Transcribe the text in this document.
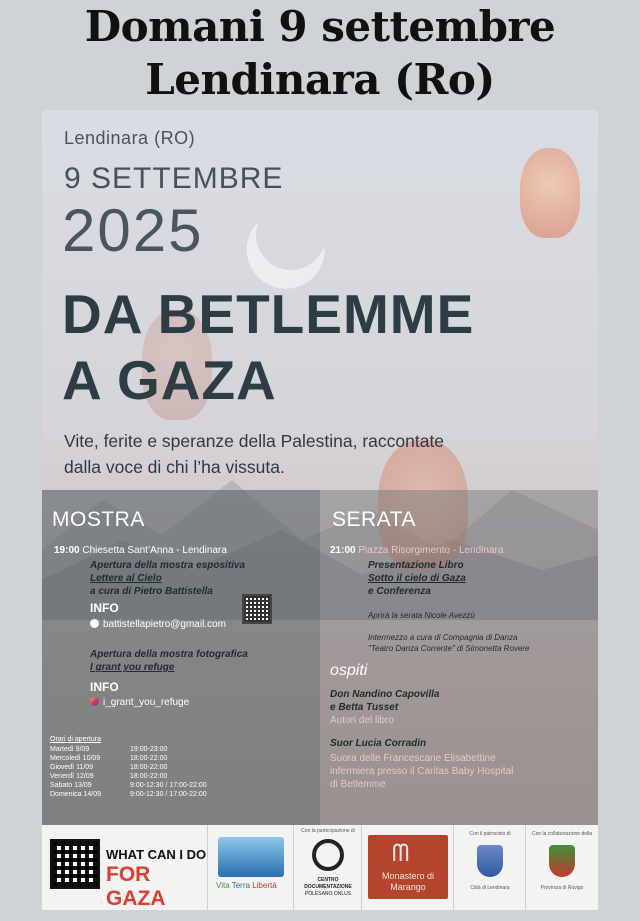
Domani 9 settembre
Lendinara (Ro)
Lendinara (RO)
9 SETTEMBRE
2025
DA BETLEMME
A GAZA
Vite, ferite e speranze della Palestina, raccontate
dalla voce di chi l’ha vissuta.
MOSTRA
19:00 Chiesetta Sant’Anna - Lendinara
Apertura della mostra espositiva
Lettere al Cielo
a cura di Pietro Battistella
INFO
battistellapietro@gmail.com
Apertura della mostra fotografica
I grant you refuge
INFO
i_grant_you_refuge
Orari di apertura
Martedì 9/09	19:00-23:00
Mercoledì 10/09	18:00-22:00
Giovedì 11/09	18:00-22:00
Venerdì 12/09	18:00-22:00
Sabato 13/09	9:00-12:30 / 17:00-22:00
Domenica 14/09	9:00-12:30 / 17:00-22:00
SERATA
21:00 Piazza Risorgimento - Lendinara
Presentazione Libro
Sotto il cielo di Gaza
e Conferenza
Aprirà la serata Nicole Avezzù
Intermezzo a cura di Compagnia di Danza
"Teatro Danza Corrente" di Simonetta Rovere
ospiti
Don Nandino Capovilla
e Betta Tusset
Autori del libro
Suor Lucia Corradin
Suora delle Francescane Elisabettine
infermiera presso il Caritas Baby Hospital
di Betlemme
WHAT CAN I DO
FOR GAZA
Vita Terra Libertà
Con la partecipazione di
CENTRO
DOCUMENTAZIONE
POLESANO ONLUS
ᗰ
Monastero di
Marango
Con il patrocinio di
Città di Lendinara
Con la collaborazione della
Provincia di Rovigo
